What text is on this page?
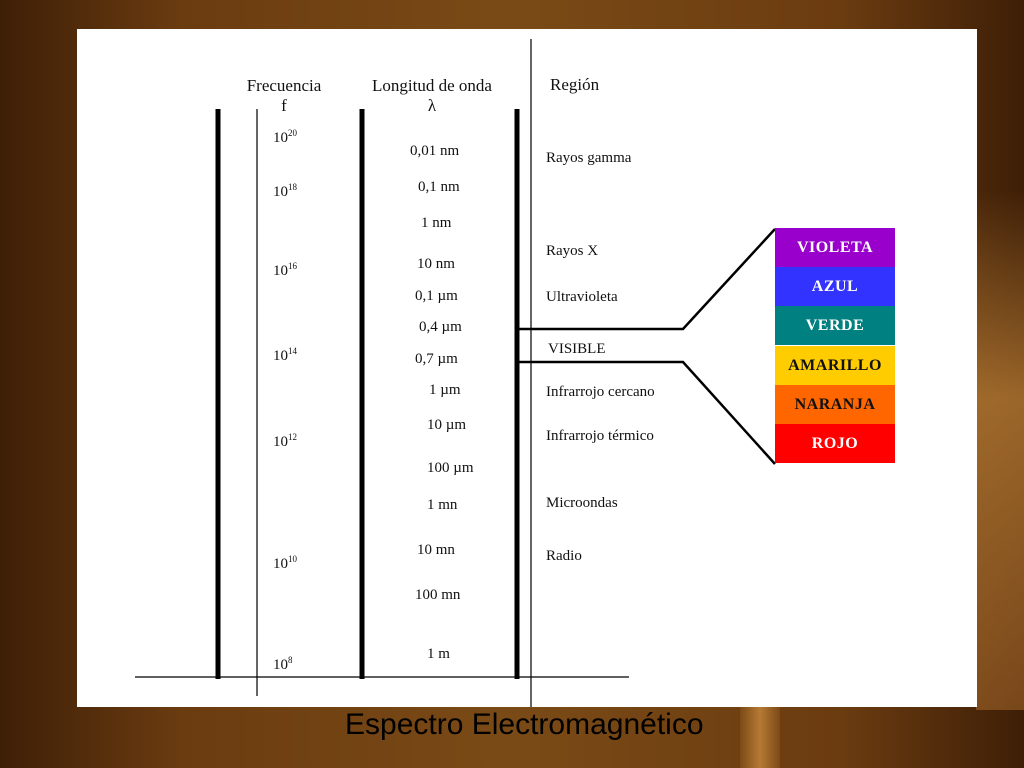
Frecuencia
f
Longitud de onda
λ
Región
$10^{20}$
$10^{18}$
$10^{16}$
$10^{14}$
$10^{12}$
$10^{10}$
$10^8$
0,01 nm
0,1 nm
1 nm
10 nm
0,1 µm
0,4 µm
0,7 µm
1 µm
10 µm
100 µm
1 mn
10 mn
100 mn
1 m
Rayos gamma
Rayos X
Ultravioleta
VISIBLE
Infrarrojo cercano
Infrarrojo térmico
Microondas
Radio
VIOLETA
AZUL
VERDE
AMARILLO
NARANJA
ROJO
Espectro Electromagnético
